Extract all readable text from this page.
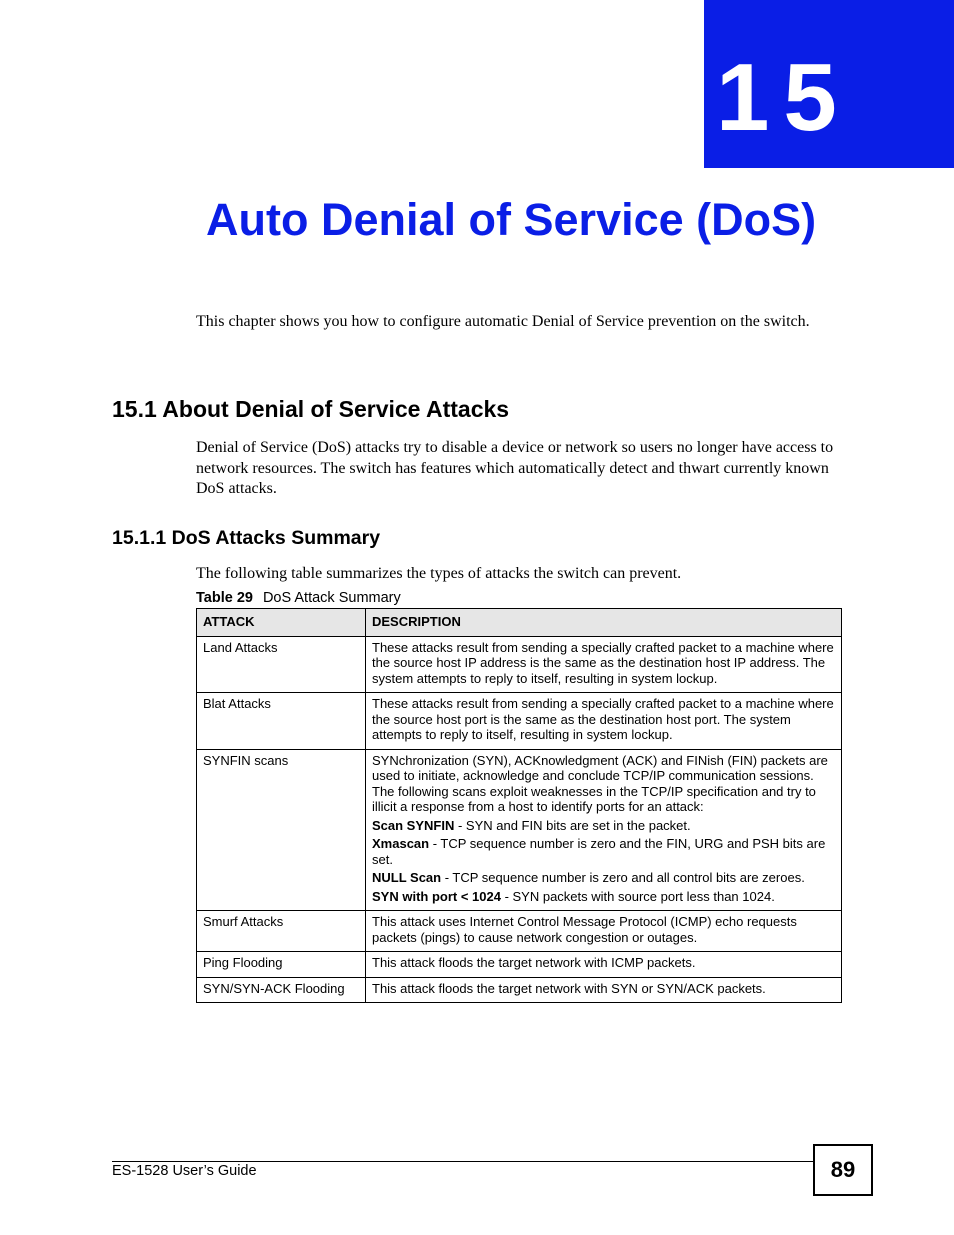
15
Auto Denial of Service (DoS)

This chapter shows you how to configure automatic Denial of Service prevention on the switch.

15.1 About Denial of Service Attacks

Denial of Service (DoS) attacks try to disable a device or network so users no longer have access to network resources. The switch has features which automatically detect and thwart currently known DoS attacks.

15.1.1 DoS Attacks Summary

The following table summarizes the types of attacks the switch can prevent.

Table 29 DoS Attack Summary
ATTACK	DESCRIPTION
Land Attacks	These attacks result from sending a specially crafted packet to a machine where the source host IP address is the same as the destination host IP address. The system attempts to reply to itself, resulting in system lockup.
Blat Attacks	These attacks result from sending a specially crafted packet to a machine where the source host port is the same as the destination host port. The system attempts to reply to itself, resulting in system lockup.
SYNFIN scans	SYNchronization (SYN), ACKnowledgment (ACK) and FINish (FIN) packets are used to initiate, acknowledge and conclude TCP/IP communication sessions. The following scans exploit weaknesses in the TCP/IP specification and try to illicit a response from a host to identify ports for an attack:

Scan SYNFIN - SYN and FIN bits are set in the packet.

Xmascan - TCP sequence number is zero and the FIN, URG and PSH bits are set.

NULL Scan - TCP sequence number is zero and all control bits are zeroes.

SYN with port < 1024 - SYN packets with source port less than 1024.

Smurf Attacks	This attack uses Internet Control Message Protocol (ICMP) echo requests packets (pings) to cause network congestion or outages.
Ping Flooding	This attack floods the target network with ICMP packets.
SYN/SYN-ACK Flooding	This attack floods the target network with SYN or SYN/ACK packets.
ES-1528 User’s Guide	89
